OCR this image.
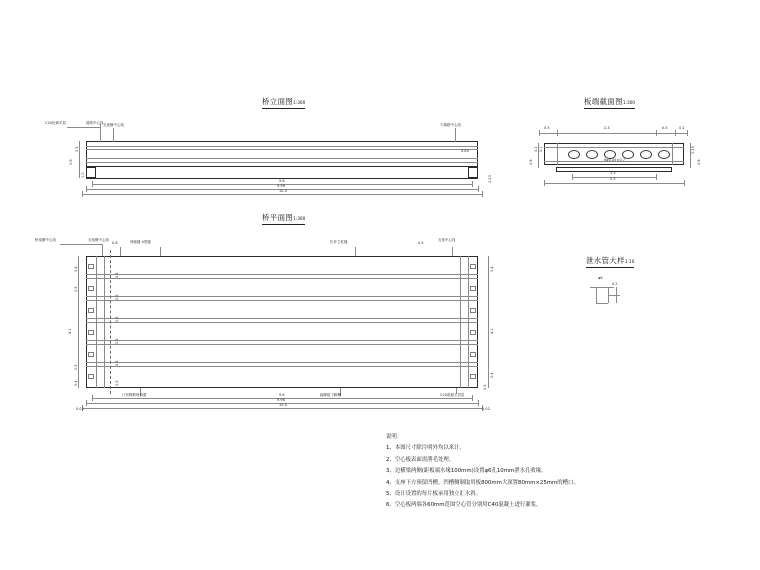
桥立面图1:300
C20砼调平层	道路中心线 支座横中心线	干端路中心线
0.5
0.6
1.0
0.80
0.20
9.8
9.96
10.0
板端截面图1:300
0.5	2.3	0.5	0.2
6φ0.45×0.7
0.2 0.1
0.8
0.25
0.8
1.5
2.5
桥平面图1:300
桥梁横中心线	支座横中心线	伸缩缝 4型缝	栏杆立柱缝	支座中心线
0.8	0.5
0.4
0.5
4.1
0.5
0.4
0.4
4.1
0.4
0.5
0.5
0.5
0.5
0.5
0.5
0.5
门形钢筋埋设置	踏脚板下脚槽	C20混凝土封层
9.8
9.96
10.0
0.02	0.02
泄水管大样1:10
φ6
0.2
说明：
1、本图尺寸除注明外均以米计。
2、空心板表面需凿毛处理。
3、边横梁两侧(距板端水缘100mm)设置φ6孔10mm泄水孔收缘。
4、支座下方预留凹槽，凹槽侧制取用板800mm大深置80mm×25mm的槽口。
5、设计设置的每片板承用独立汇水斜。
6、空心板两端各60mm范围空心管分别用C40混凝土进行灌浆。
